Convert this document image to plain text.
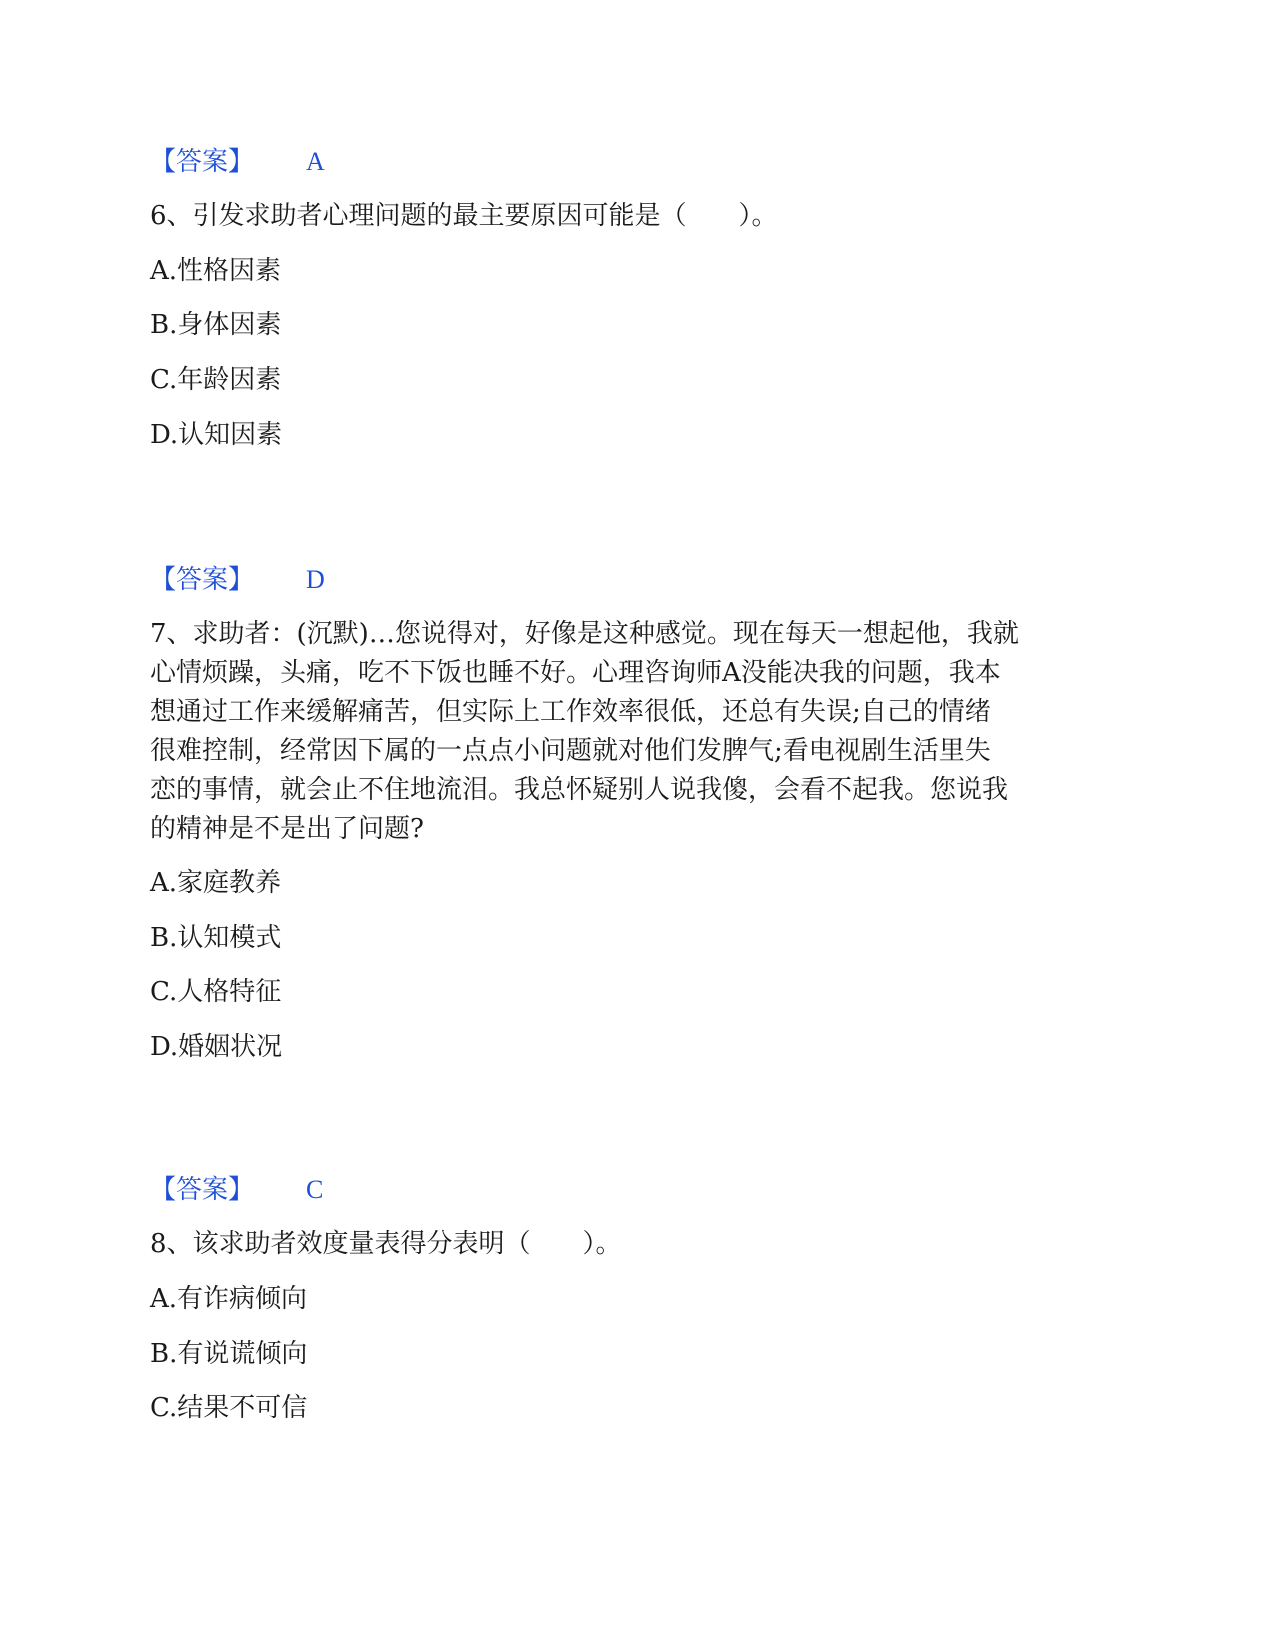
【答案】 A
6、引发求助者心理问题的最主要原因可能是（　　）。
A.性格因素
B.身体因素
C.年龄因素
D.认知因素
【答案】 D
7、求助者：(沉默)…您说得对，好像是这种感觉。现在每天一想起他，我就
心情烦躁，头痛，吃不下饭也睡不好。心理咨询师A没能决我的问题，我本
想通过工作来缓解痛苦，但实际上工作效率很低，还总有失误;自己的情绪
很难控制，经常因下属的一点点小问题就对他们发脾气;看电视剧生活里失
恋的事情，就会止不住地流泪。我总怀疑别人说我傻，会看不起我。您说我
的精神是不是出了问题?
A.家庭教养
B.认知模式
C.人格特征
D.婚姻状况
【答案】 C
8、该求助者效度量表得分表明（　　）。
A.有诈病倾向
B.有说谎倾向
C.结果不可信
